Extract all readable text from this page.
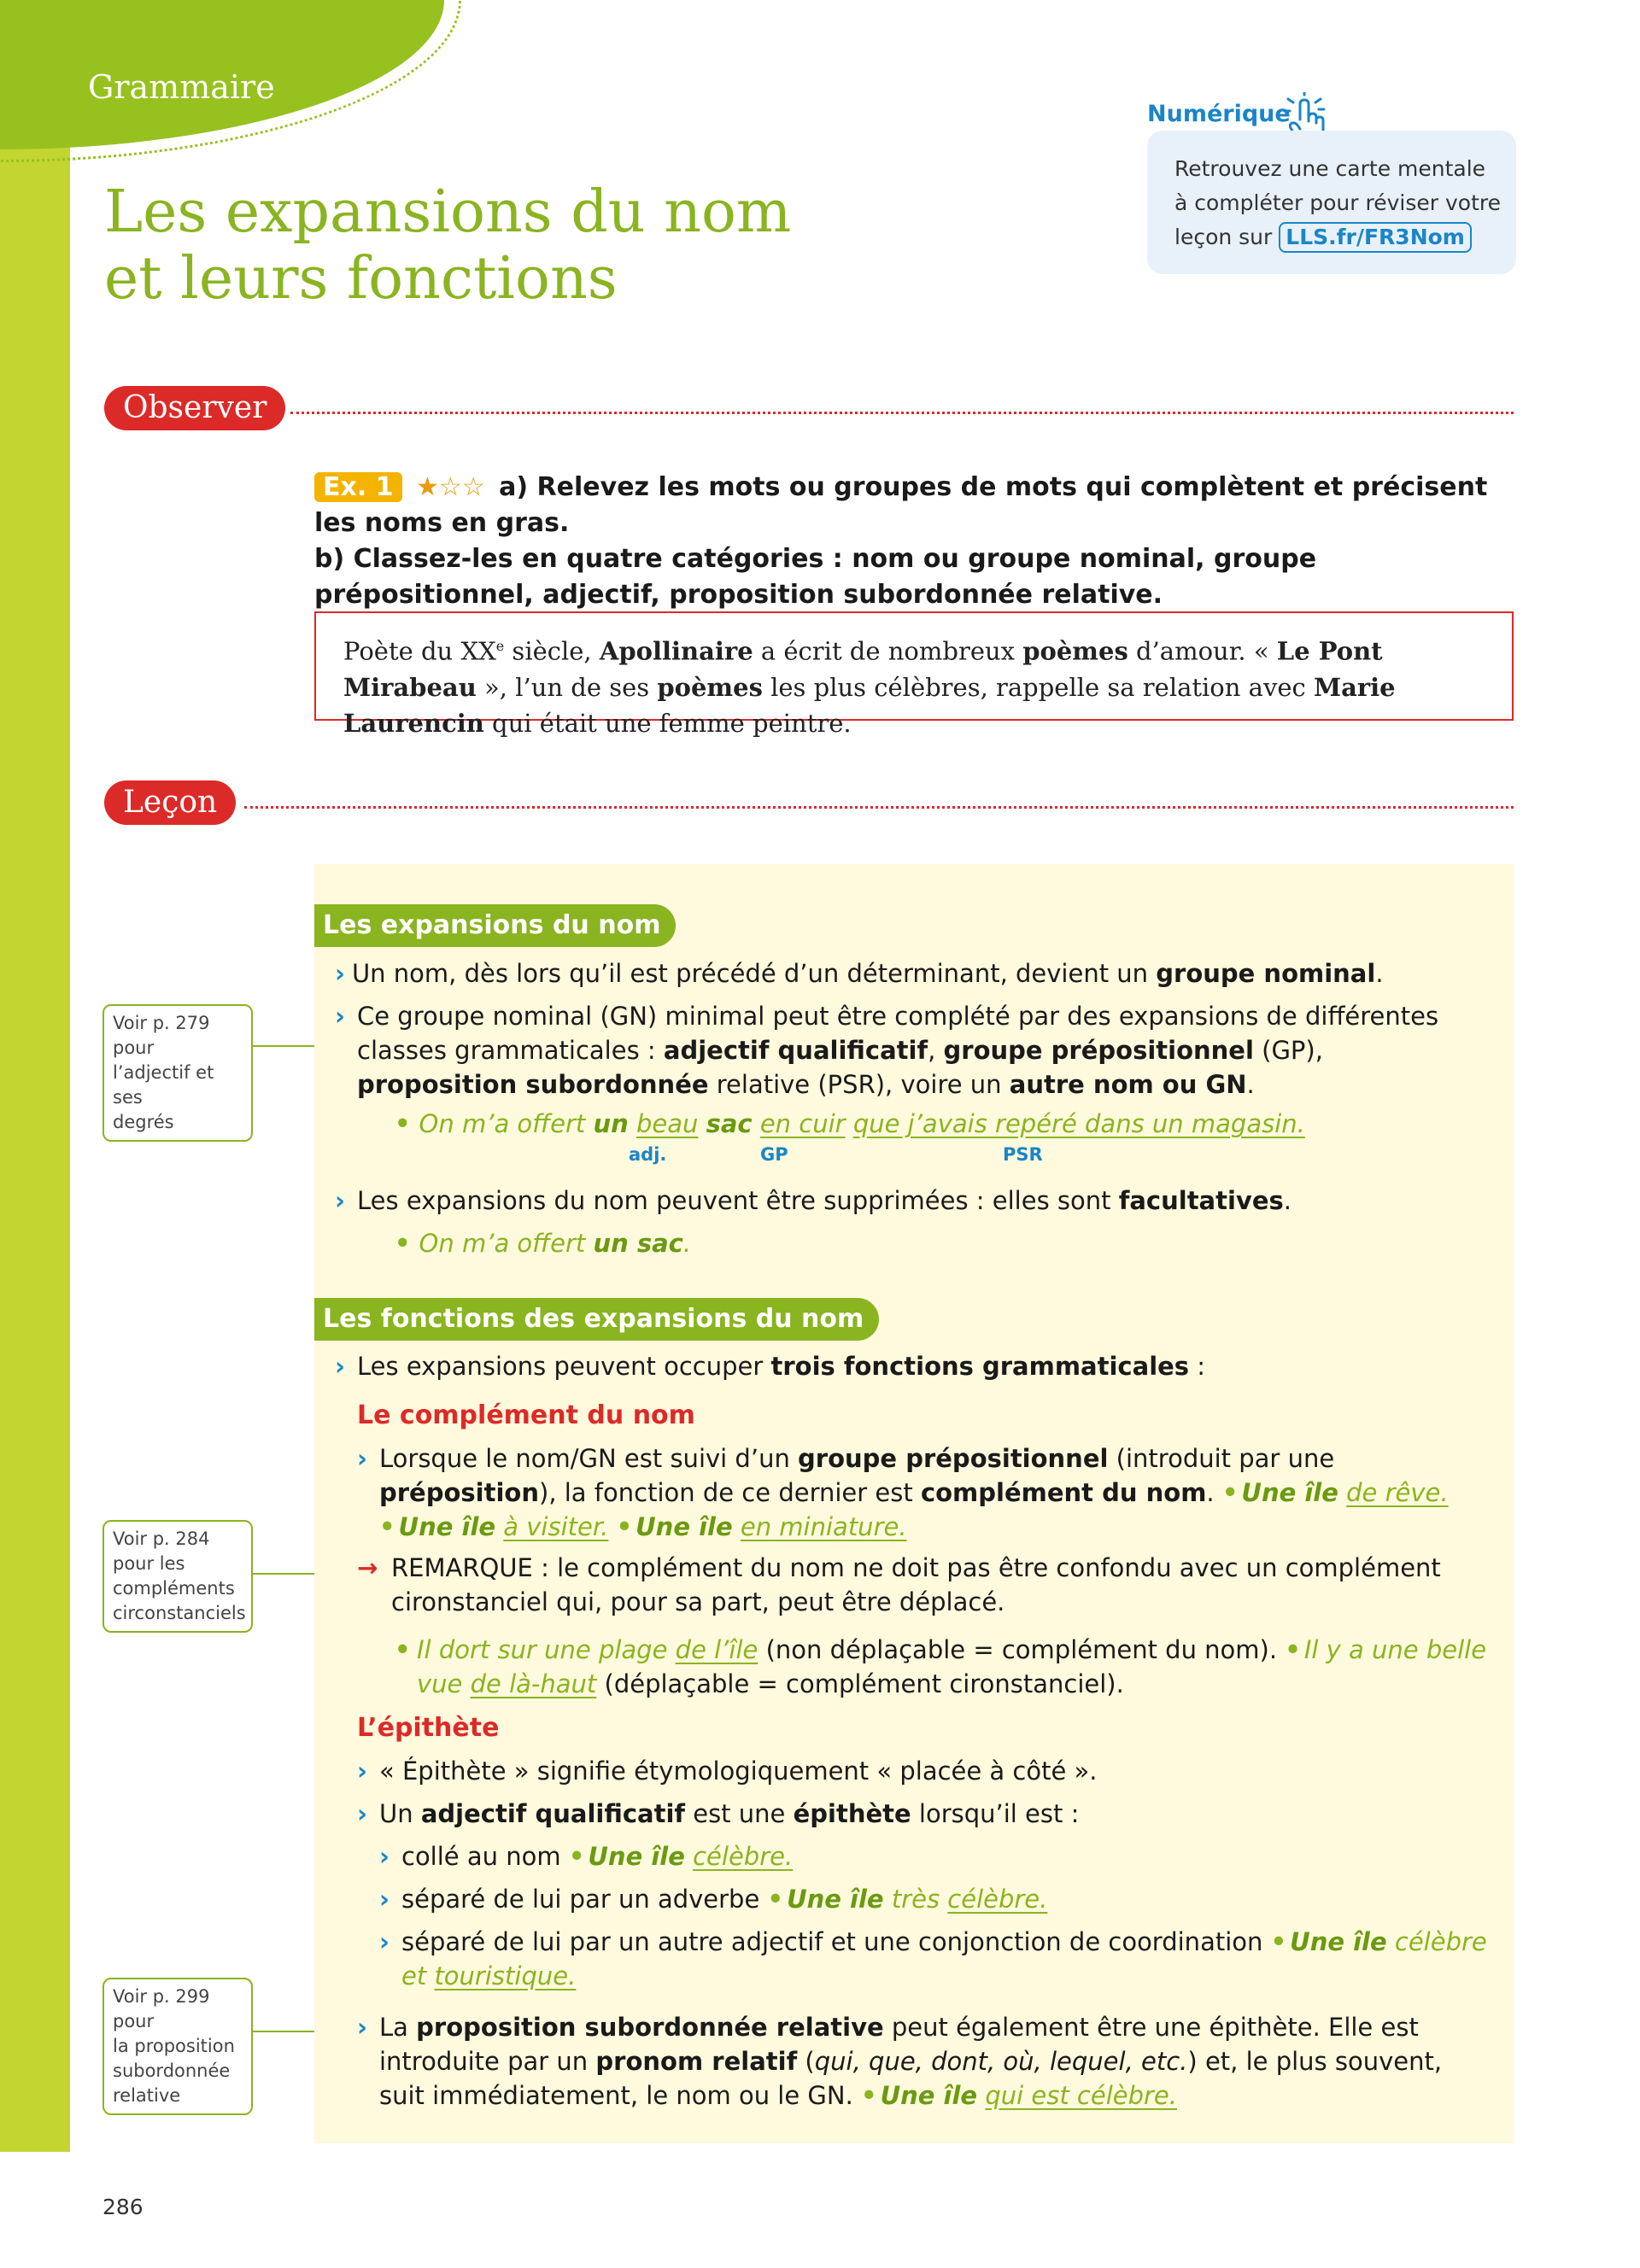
Grammaire
Les expansions du nom
et leurs fonctions
Numérique
Retrouvez une carte mentale
à compléter pour réviser votre
leçon sur LLS.fr/FR3Nom
Observer
Ex. 1 ★☆☆ a) Relevez les mots ou groupes de mots qui complètent et précisent les noms en gras.
b) Classez-les en quatre catégories : nom ou groupe nominal, groupe prépositionnel, adjectif, proposition subordonnée relative.
Poète du XXe siècle, Apollinaire a écrit de nombreux poèmes d’amour. « Le Pont Mirabeau », l’un de ses poèmes les plus célèbres, rappelle sa relation avec Marie Laurencin qui était une femme peintre.
Leçon
Les expansions du nom
› Un nom, dès lors qu’il est précédé d’un déterminant, devient un groupe nominal.
› Ce groupe nominal (GN) minimal peut être complété par des expansions de différentes classes grammaticales : adjectif qualificatif, groupe prépositionnel (GP), proposition subordonnée relative (PSR), voire un autre nom ou GN.
• On m’a offert un beau sac en cuir que j’avais repéré dans un magasin.
adj.	GP	PSR
› Les expansions du nom peuvent être supprimées : elles sont facultatives.
• On m’a offert un sac.
Les fonctions des expansions du nom
› Les expansions peuvent occuper trois fonctions grammaticales :
Le complément du nom
› Lorsque le nom/GN est suivi d’un groupe prépositionnel (introduit par une préposition), la fonction de ce dernier est complément du nom. • Une île de rêve. • Une île à visiter. • Une île en miniature.
→ REMARQUE : le complément du nom ne doit pas être confondu avec un complément cironstanciel qui, pour sa part, peut être déplacé.
• Il dort sur une plage de l’île (non déplaçable = complément du nom). • Il y a une belle vue de là-haut (déplaçable = complément cironstanciel).
L’épithète
› « Épithète » signifie étymologiquement « placée à côté ».
› Un adjectif qualificatif est une épithète lorsqu’il est :
› collé au nom • Une île célèbre.
› séparé de lui par un adverbe • Une île très célèbre.
› séparé de lui par un autre adjectif et une conjonction de coordination • Une île célèbre et touristique.
› La proposition subordonnée relative peut également être une épithète. Elle est introduite par un pronom relatif (qui, que, dont, où, lequel, etc.) et, le plus souvent, suit immédiatement, le nom ou le GN. • Une île qui est célèbre.
Voir p. 279 pour
l’adjectif et ses
degrés
Voir p. 284
pour les
compléments
circonstanciels
Voir p. 299 pour
la proposition
subordonnée
relative
286
